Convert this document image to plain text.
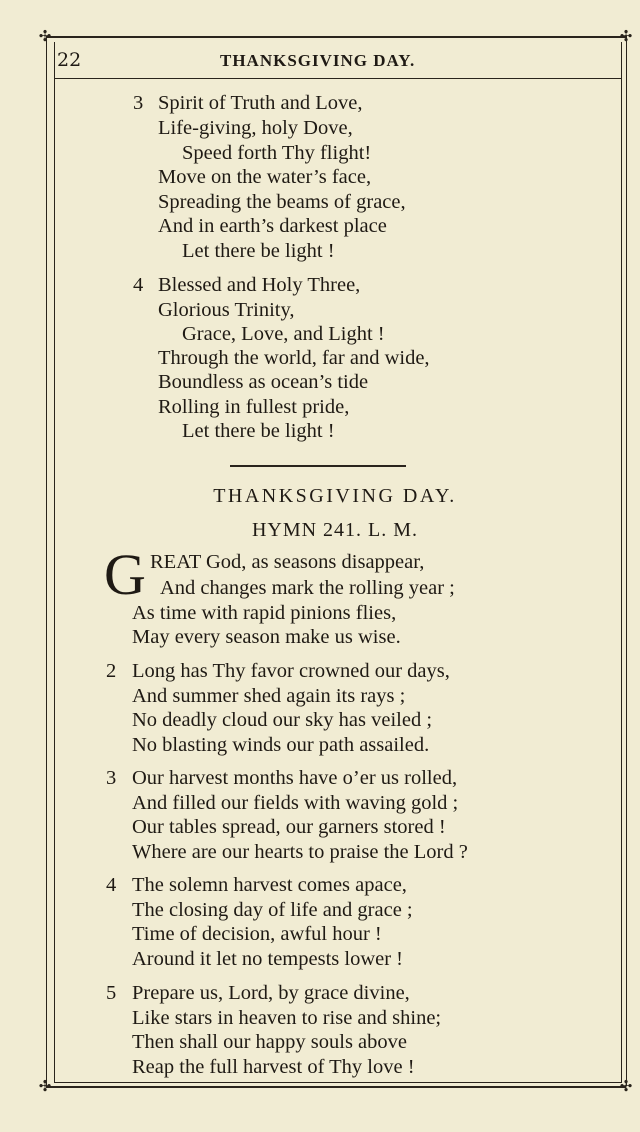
✣	✣
✣	✣
22	THANKSGIVING DAY.
3 Spirit of Truth and Love,
Life-giving, holy Dove,
Speed forth Thy flight!
Move on the water’s face,
Spreading the beams of grace,
And in earth’s darkest place
Let there be light !
4 Blessed and Holy Three,
Glorious Trinity,
Grace, Love, and Light !
Through the world, far and wide,
Boundless as ocean’s tide
Rolling in fullest pride,
Let there be light !
THANKSGIVING DAY.
HYMN 241. L. M.
G REAT God, as seasons disappear,
And changes mark the rolling year ;
As time with rapid pinions flies,
May every season make us wise.
2 Long has Thy favor crowned our days,
And summer shed again its rays ;
No deadly cloud our sky has veiled ;
No blasting winds our path assailed.
3 Our harvest months have o’er us rolled,
And filled our fields with waving gold ;
Our tables spread, our garners stored !
Where are our hearts to praise the Lord ?
4 The solemn harvest comes apace,
The closing day of life and grace ;
Time of decision, awful hour !
Around it let no tempests lower !
5 Prepare us, Lord, by grace divine,
Like stars in heaven to rise and shine;
Then shall our happy souls above
Reap the full harvest of Thy love !
